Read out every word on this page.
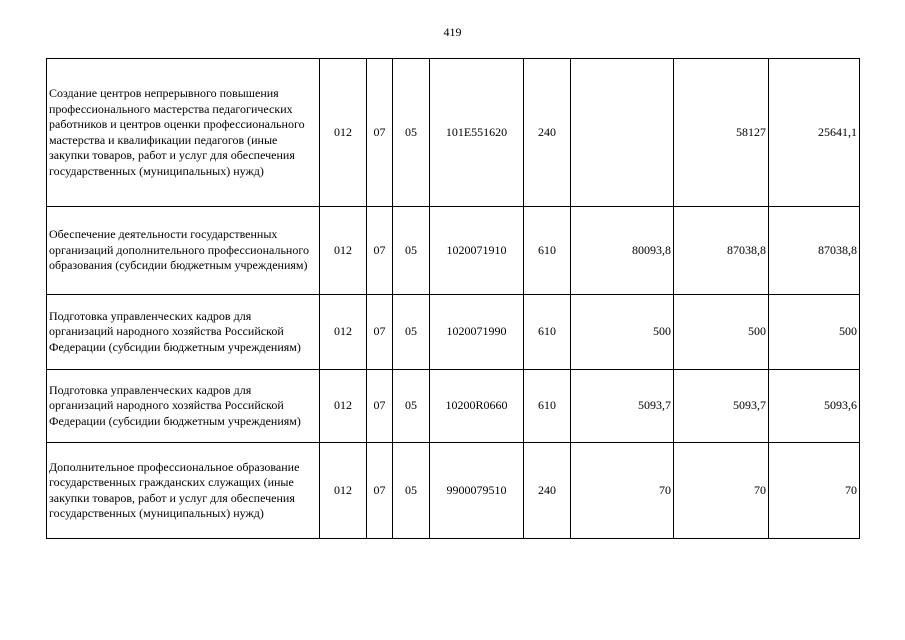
419
Создание центров непрерывного повышения профессионального мастерства педагогических работников и центров оценки профессионального мастерства и квалификации педагогов (иные закупки товаров, работ и услуг для обеспечения государственных (муниципальных) нужд)	012	07	05	101E551620	240		58127	25641,1
Обеспечение деятельности государственных организаций дополнительного профессионального образования (субсидии бюджетным учреждениям)	012	07	05	1020071910	610	80093,8	87038,8	87038,8
Подготовка управленческих кадров для организаций народного хозяйства Российской Федерации (субсидии бюджетным учреждениям)	012	07	05	1020071990	610	500	500	500
Подготовка управленческих кадров для организаций народного хозяйства Российской Федерации (субсидии бюджетным учреждениям)	012	07	05	10200R0660	610	5093,7	5093,7	5093,6
Дополнительное профессиональное образование государственных гражданских служащих (иные закупки товаров, работ и услуг для обеспечения государственных (муниципальных) нужд)	012	07	05	9900079510	240	70	70	70
